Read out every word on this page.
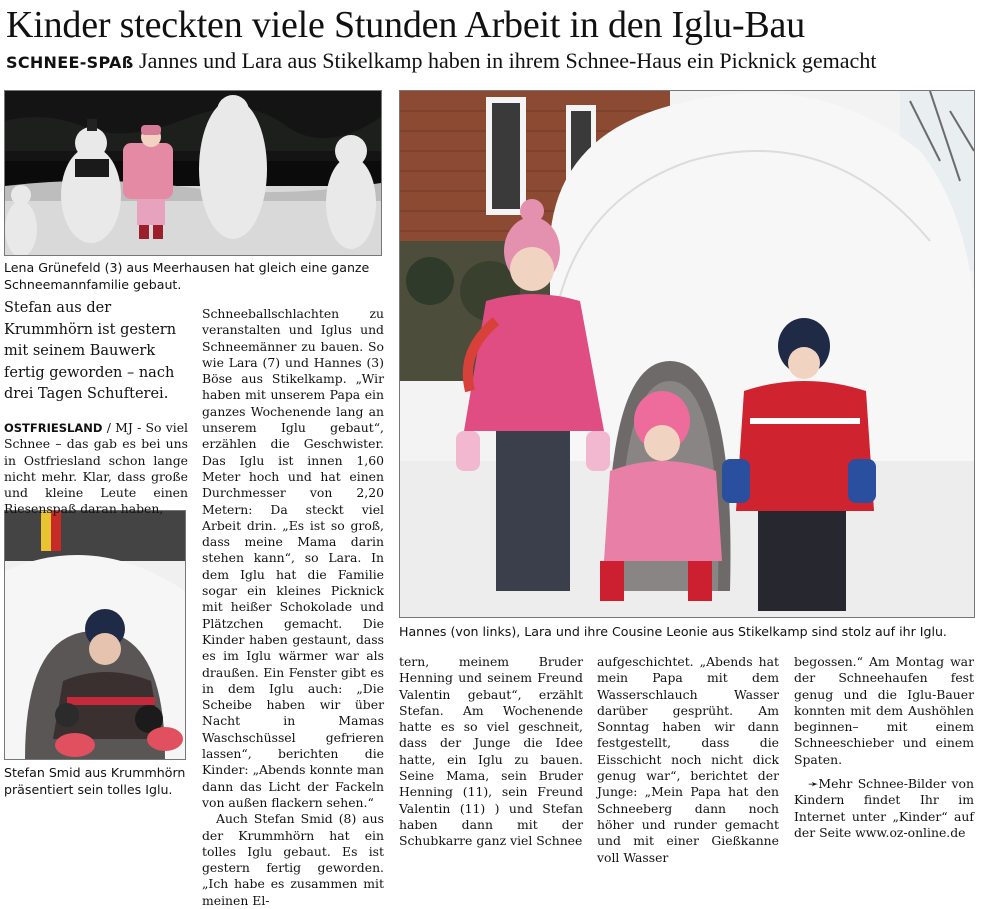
Kinder steckten viele Stunden Arbeit in den Iglu-Bau
SCHNEE-SPAß Jannes und Lara aus Stikelkamp haben in ihrem Schnee-Haus ein Picknick gemacht
Lena Grünefeld (3) aus Meerhausen hat gleich eine ganze Schneemannfamilie gebaut.
Hannes (von links), Lara und ihre Cousine Leonie aus Stikelkamp sind stolz auf ihr Iglu.
Stefan Smid aus Krummhörn präsentiert sein tolles Iglu.
Stefan aus der Krummhörn ist gestern mit seinem Bauwerk fertig geworden – nach drei Tagen Schufterei.

OSTFRIESLAND / MJ - So viel Schnee – das gab es bei uns in Ostfriesland schon lange nicht mehr. Klar, dass große und kleine Leute einen Riesenspaß daran haben,

Schneeballschlachten zu veranstalten und Iglus und Schneemänner zu bauen. So wie Lara (7) und Hannes (3) Böse aus Stikelkamp. „Wir haben mit unserem Papa ein ganzes Wochenende lang an unserem Iglu gebaut“, erzählen die Geschwister. Das Iglu ist innen 1,60 Meter hoch und hat einen Durchmesser von 2,20 Metern: Da steckt viel Arbeit drin. „Es ist so groß, dass meine Mama darin stehen kann“, so Lara. In dem Iglu hat die Familie sogar ein kleines Picknick mit heißer Schokolade und Plätzchen gemacht. Die Kinder haben gestaunt, dass es im Iglu wärmer war als draußen. Ein Fenster gibt es in dem Iglu auch: „Die Scheibe haben wir über Nacht in Mamas Waschschüssel gefrieren lassen“, berichten die Kinder: „Abends konnte man dann das Licht der Fackeln von außen flackern sehen.“

Auch Stefan Smid (8) aus der Krummhörn hat ein tolles Iglu gebaut. Es ist gestern fertig geworden. „Ich habe es zusammen mit meinen El-

tern, meinem Bruder Henning und seinem Freund Valentin gebaut“, erzählt Stefan. Am Wochenende hatte es so viel geschneit, dass der Junge die Idee hatte, ein Iglu zu bauen. Seine Mama, sein Bruder Henning (11), sein Freund Valentin (11) ) und Stefan haben dann mit der Schubkarre ganz viel Schnee

aufgeschichtet. „Abends hat mein Papa mit dem Wasserschlauch Wasser darüber gesprüht. Am Sonntag haben wir dann festgestellt, dass die Eisschicht noch nicht dick genug war“, berichtet der Junge: „Mein Papa hat den Schneeberg dann noch höher und runder gemacht und mit einer Gießkanne voll Wasser

begossen.“ Am Montag war der Schneehaufen fest genug und die Iglu-Bauer konnten mit dem Aushöhlen beginnen– mit einem Schneeschieber und einem Spaten.

➛Mehr Schnee-Bilder von Kindern findet Ihr im Internet unter „Kinder“ auf der Seite www.oz-online.de
